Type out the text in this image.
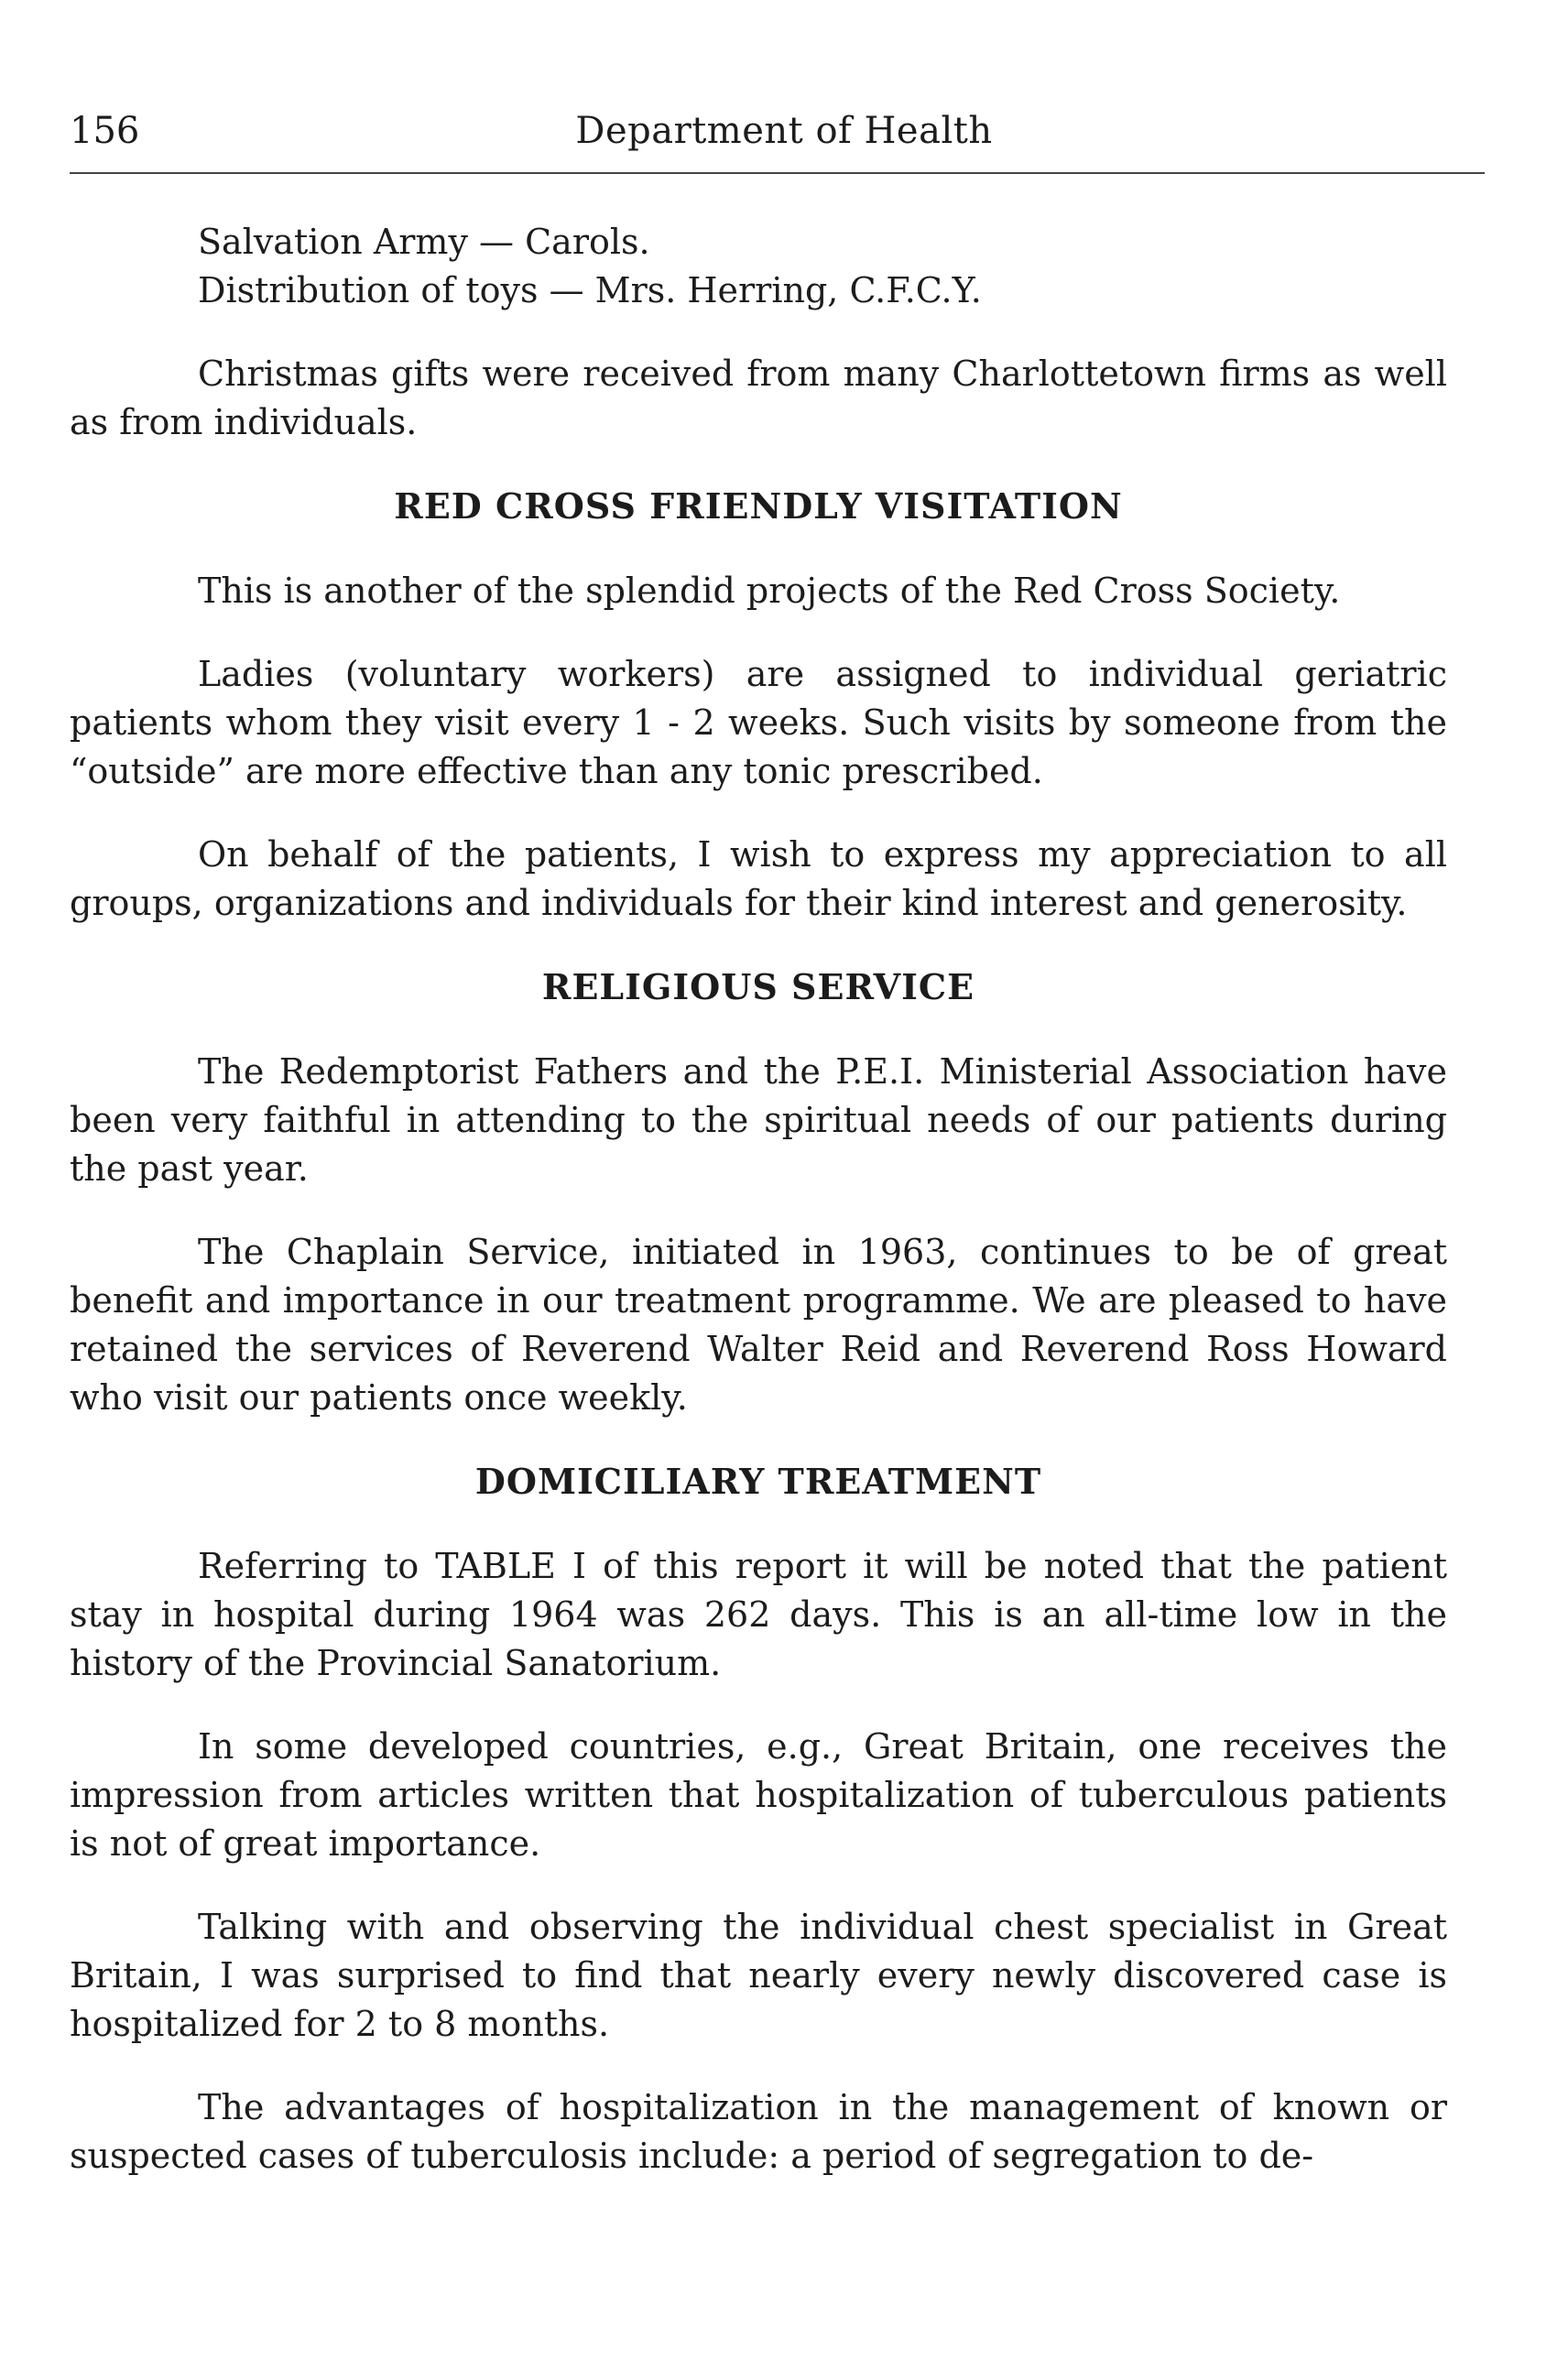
156	Department of Health

Salvation Army — Carols.

Distribution of toys — Mrs. Herring, C.F.C.Y.

Christmas gifts were received from many Charlottetown firms as well as from individuals.

RED CROSS FRIENDLY VISITATION

This is another of the splendid projects of the Red Cross Society.

Ladies (voluntary workers) are assigned to individual geriatric patients whom they visit every 1 - 2 weeks. Such visits by someone from the “outside” are more effective than any tonic prescribed.

On behalf of the patients, I wish to express my appreciation to all groups, organizations and individuals for their kind interest and generosity.

RELIGIOUS SERVICE

The Redemptorist Fathers and the P.E.I. Ministerial Association have been very faithful in attending to the spiritual needs of our patients during the past year.

The Chaplain Service, initiated in 1963, continues to be of great benefit and importance in our treatment programme. We are pleased to have retained the services of Reverend Walter Reid and Reverend Ross Howard who visit our patients once weekly.

DOMICILIARY TREATMENT

Referring to TABLE I of this report it will be noted that the patient stay in hospital during 1964 was 262 days. This is an all-time low in the history of the Provincial Sanatorium.

In some developed countries, e.g., Great Britain, one receives the impression from articles written that hospitalization of tuberculous patients is not of great importance.

Talking with and observing the individual chest specialist in Great Britain, I was surprised to find that nearly every newly discovered case is hospitalized for 2 to 8 months.

The advantages of hospitalization in the management of known or suspected cases of tuberculosis include: a period of segregation to de-
